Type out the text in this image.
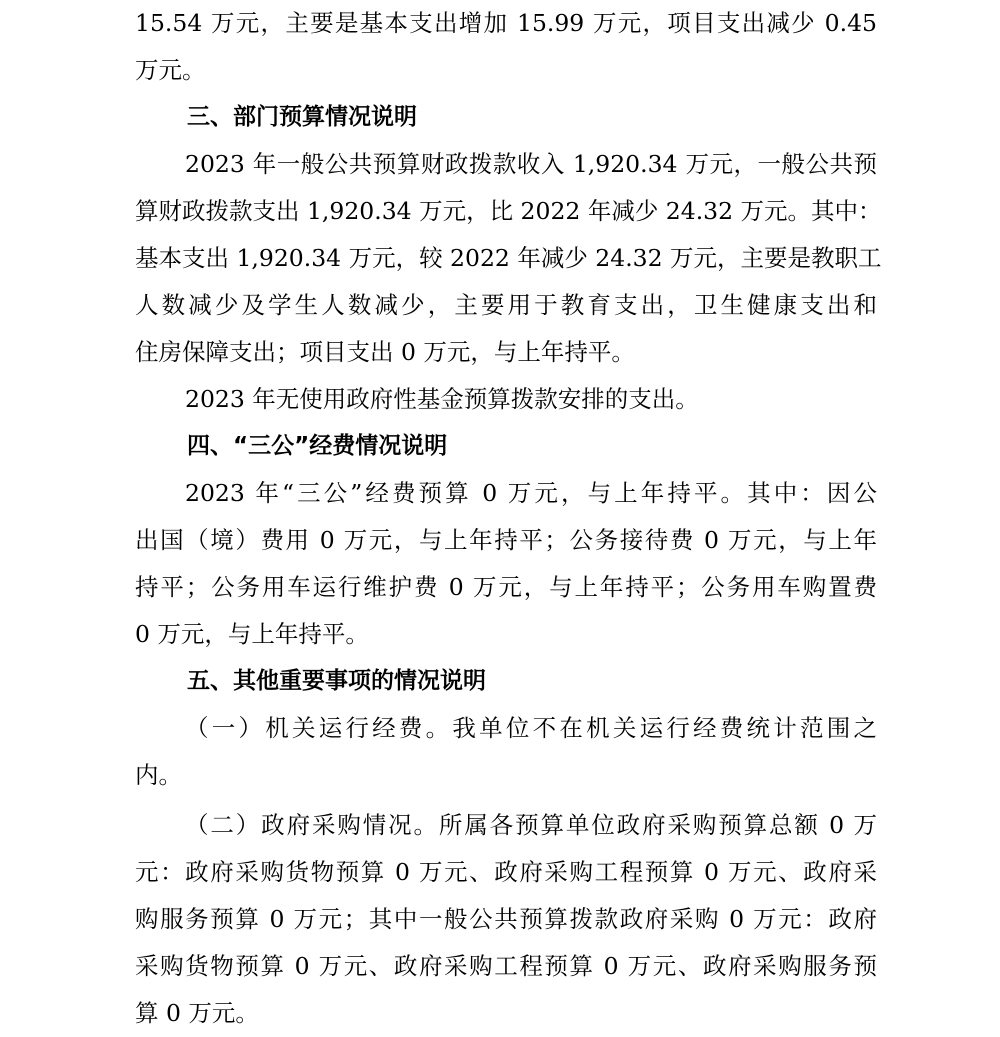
15.54 万元，主要是基本支出增加 15.99 万元，项目支出减少 0.45
万元。
三、部门预算情况说明
2023 年一般公共预算财政拨款收入 1,920.34 万元，一般公共预
算财政拨款支出 1,920.34 万元，比 2022 年减少 24.32 万元。其中：
基本支出 1,920.34 万元，较 2022 年减少 24.32 万元，主要是教职工
人数减少及学生人数减少，主要用于教育支出，卫生健康支出和
住房保障支出；项目支出 0 万元，与上年持平。
2023 年无使用政府性基金预算拨款安排的支出。
四、“三公”经费情况说明
2023 年“三公”经费预算 0 万元，与上年持平。其中：因公
出国（境）费用 0 万元，与上年持平；公务接待费 0 万元，与上年
持平；公务用车运行维护费 0 万元，与上年持平；公务用车购置费
0 万元，与上年持平。
五、其他重要事项的情况说明
（一）机关运行经费。我单位不在机关运行经费统计范围之
内。
（二）政府采购情况。所属各预算单位政府采购预算总额 0 万
元：政府采购货物预算 0 万元、政府采购工程预算 0 万元、政府采
购服务预算 0 万元；其中一般公共预算拨款政府采购 0 万元：政府
采购货物预算 0 万元、政府采购工程预算 0 万元、政府采购服务预
算 0 万元。
